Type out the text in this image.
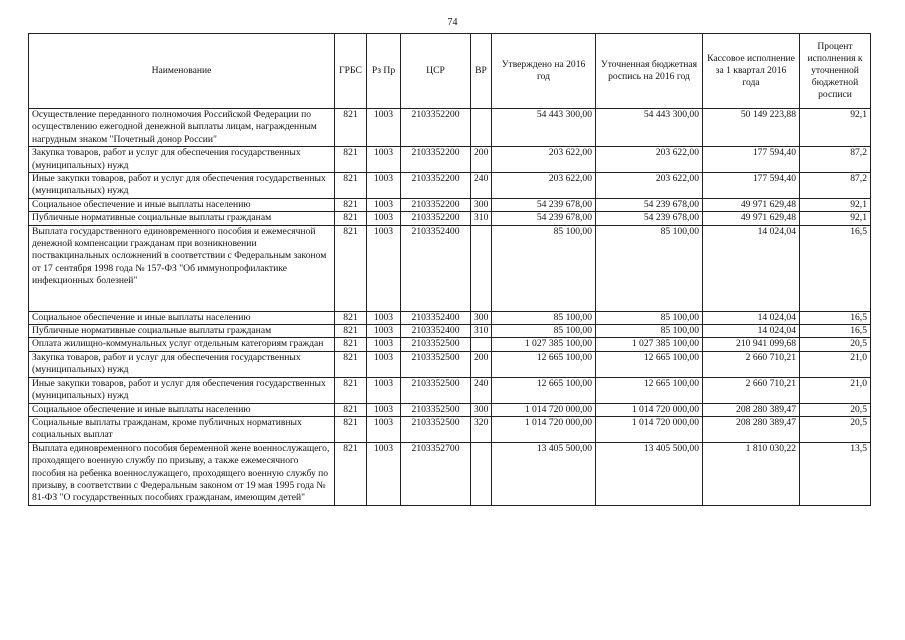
74
Наименование	ГРБС	Рз Пр	ЦСР	ВР	Утверждено на 2016 год	Уточненная бюджетная роспись на 2016 год	Кассовое исполнение за 1 квартал 2016 года	Процент исполнения к уточненной бюджетной росписи
Осуществление переданного полномочия Российской Федерации по осуществлению ежегодной денежной выплаты лицам, награжденным нагрудным знаком "Почетный донор России"	821	1003	2103352200		54 443 300,00	54 443 300,00	50 149 223,88	92,1
Закупка товаров, работ и услуг для обеспечения государственных (муниципальных) нужд	821	1003	2103352200	200	203 622,00	203 622,00	177 594,40	87,2
Иные закупки товаров, работ и услуг для обеспечения государственных (муниципальных) нужд	821	1003	2103352200	240	203 622,00	203 622,00	177 594,40	87,2
Социальное обеспечение и иные выплаты населению	821	1003	2103352200	300	54 239 678,00	54 239 678,00	49 971 629,48	92,1
Публичные нормативные социальные выплаты гражданам	821	1003	2103352200	310	54 239 678,00	54 239 678,00	49 971 629,48	92,1
Выплата государственного единовременного пособия и ежемесячной денежной компенсации гражданам при возникновении поствакцинальных осложнений в соответствии с Федеральным законом от 17 сентября 1998 года № 157-ФЗ "Об иммунопрофилактике инфекционных болезней"	821	1003	2103352400		85 100,00	85 100,00	14 024,04	16,5
Социальное обеспечение и иные выплаты населению	821	1003	2103352400	300	85 100,00	85 100,00	14 024,04	16,5
Публичные нормативные социальные выплаты гражданам	821	1003	2103352400	310	85 100,00	85 100,00	14 024,04	16,5
Оплата жилищно-коммунальных услуг отдельным категориям граждан	821	1003	2103352500		1 027 385 100,00	1 027 385 100,00	210 941 099,68	20,5
Закупка товаров, работ и услуг для обеспечения государственных (муниципальных) нужд	821	1003	2103352500	200	12 665 100,00	12 665 100,00	2 660 710,21	21,0
Иные закупки товаров, работ и услуг для обеспечения государственных (муниципальных) нужд	821	1003	2103352500	240	12 665 100,00	12 665 100,00	2 660 710,21	21,0
Социальное обеспечение и иные выплаты населению	821	1003	2103352500	300	1 014 720 000,00	1 014 720 000,00	208 280 389,47	20,5
Социальные выплаты гражданам, кроме публичных нормативных социальных выплат	821	1003	2103352500	320	1 014 720 000,00	1 014 720 000,00	208 280 389,47	20,5
Выплата единовременного пособия беременной жене военнослужащего, проходящего военную службу по призыву, а также ежемесячного пособия на ребенка военнослужащего, проходящего военную службу по призыву, в соответствии с Федеральным законом от 19 мая 1995 года № 81-ФЗ "О государственных пособиях гражданам, имеющим детей"	821	1003	2103352700		13 405 500,00	13 405 500,00	1 810 030,22	13,5
